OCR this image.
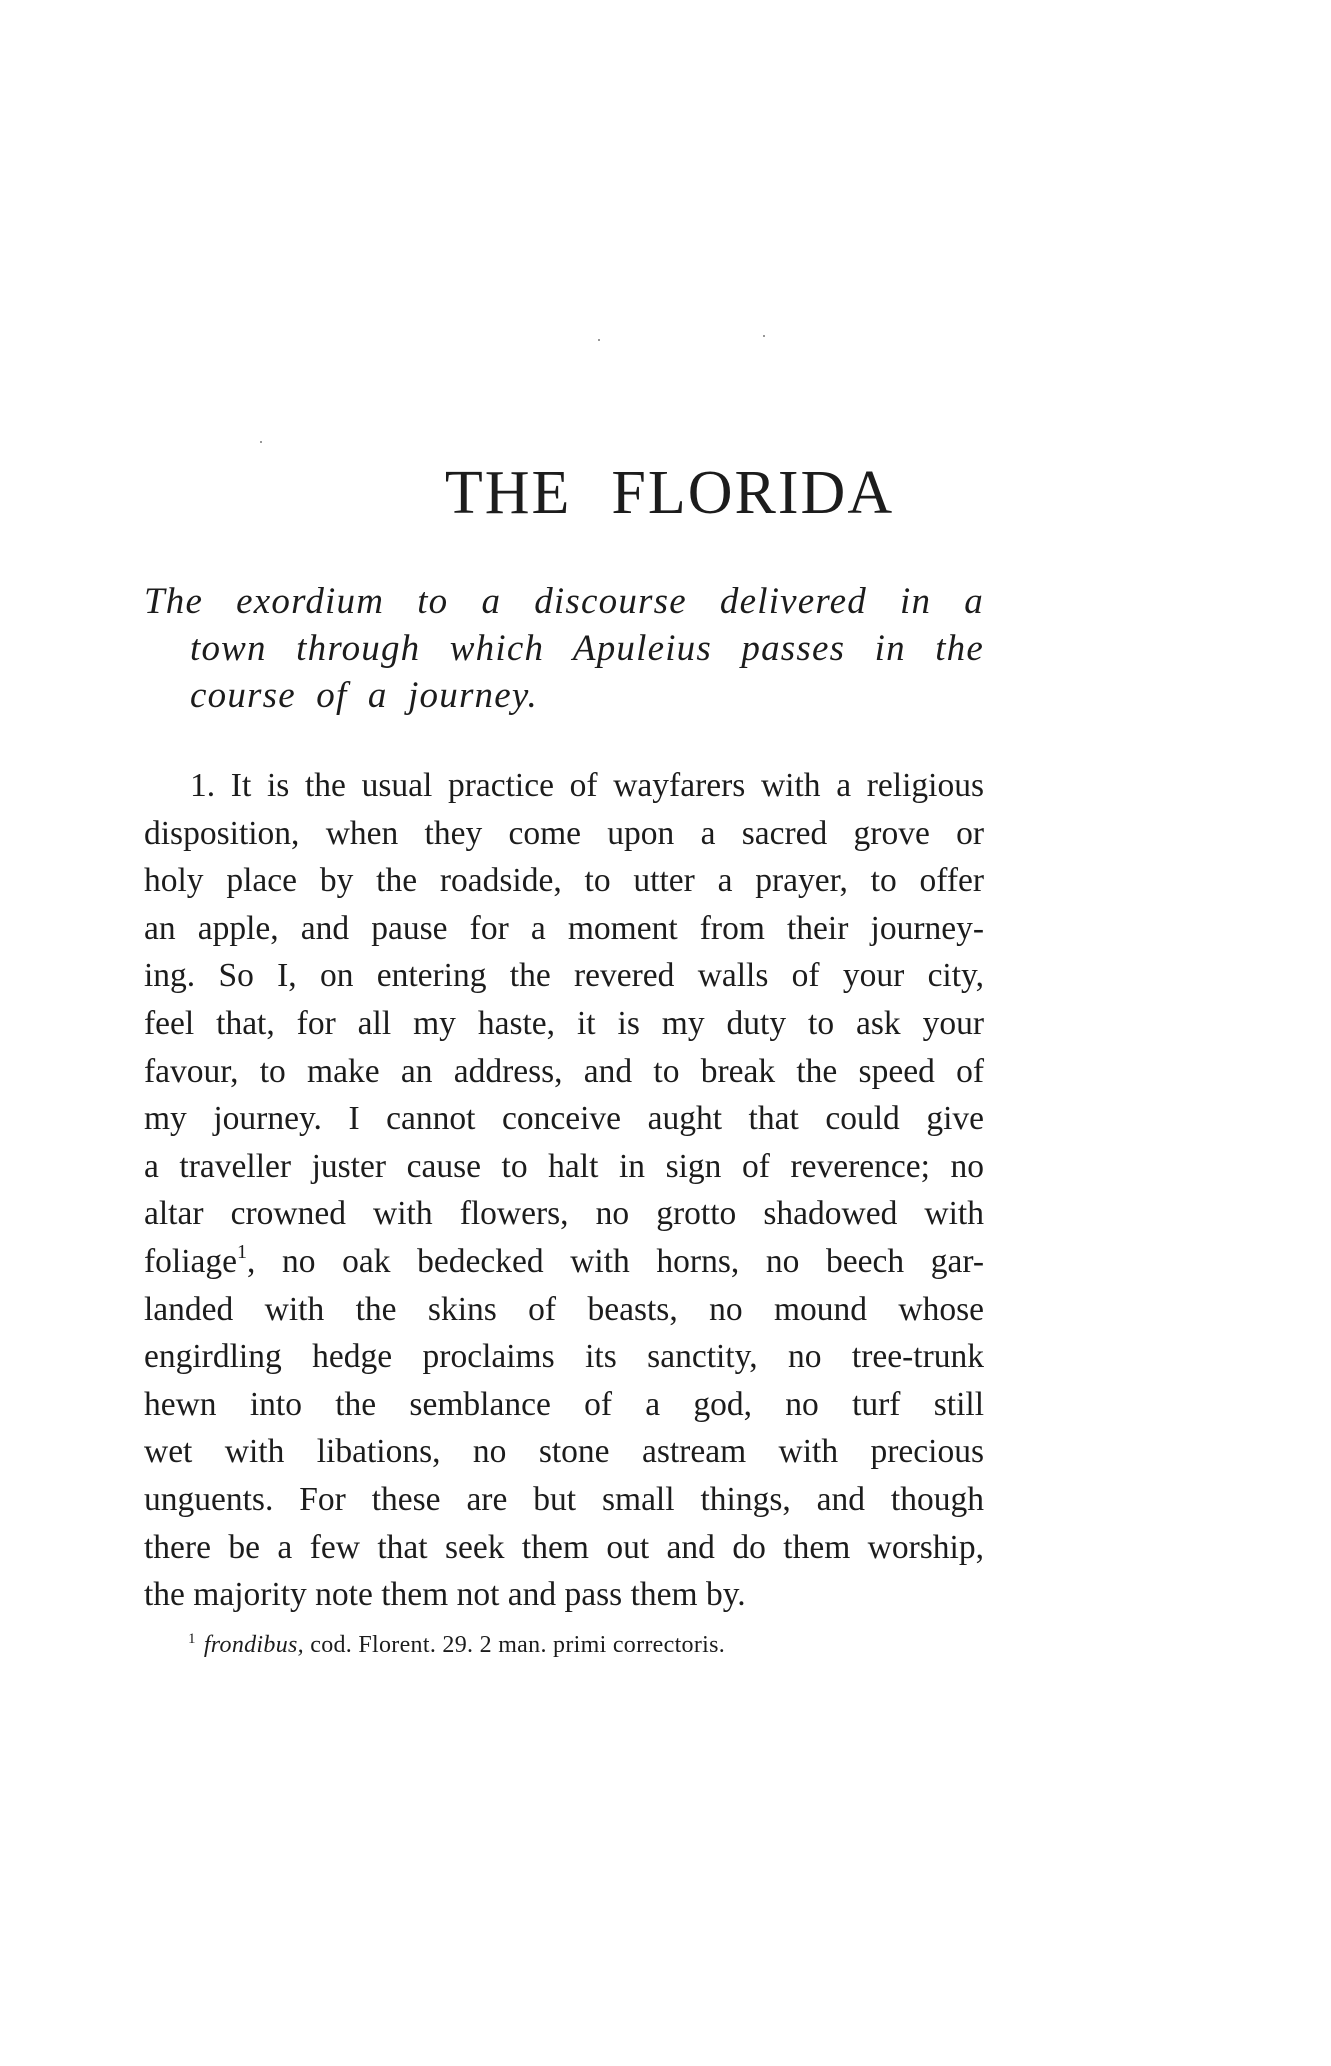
THE FLORIDA

The exordium to a discourse delivered in a town through which Apuleius passes in the course of a journey.

1. It is the usual practice of wayfarers with a religious
disposition, when they come upon a sacred grove or
holy place by the roadside, to utter a prayer, to offer
an apple, and pause for a moment from their journey-
ing. So I, on entering the revered walls of your city,
feel that, for all my haste, it is my duty to ask your
favour, to make an address, and to break the speed of
my journey. I cannot conceive aught that could give
a traveller juster cause to halt in sign of reverence; no
altar crowned with flowers, no grotto shadowed with
foliage$^1$, no oak bedecked with horns, no beech gar-
landed with the skins of beasts, no mound whose
engirdling hedge proclaims its sanctity, no tree-trunk
hewn into the semblance of a god, no turf still
wet with libations, no stone astream with precious
unguents. For these are but small things, and though
there be a few that seek them out and do them worship,
the majority note them not and pass them by.

$^1$ frondibus, cod. Florent. 29. 2 man. primi correctoris.
